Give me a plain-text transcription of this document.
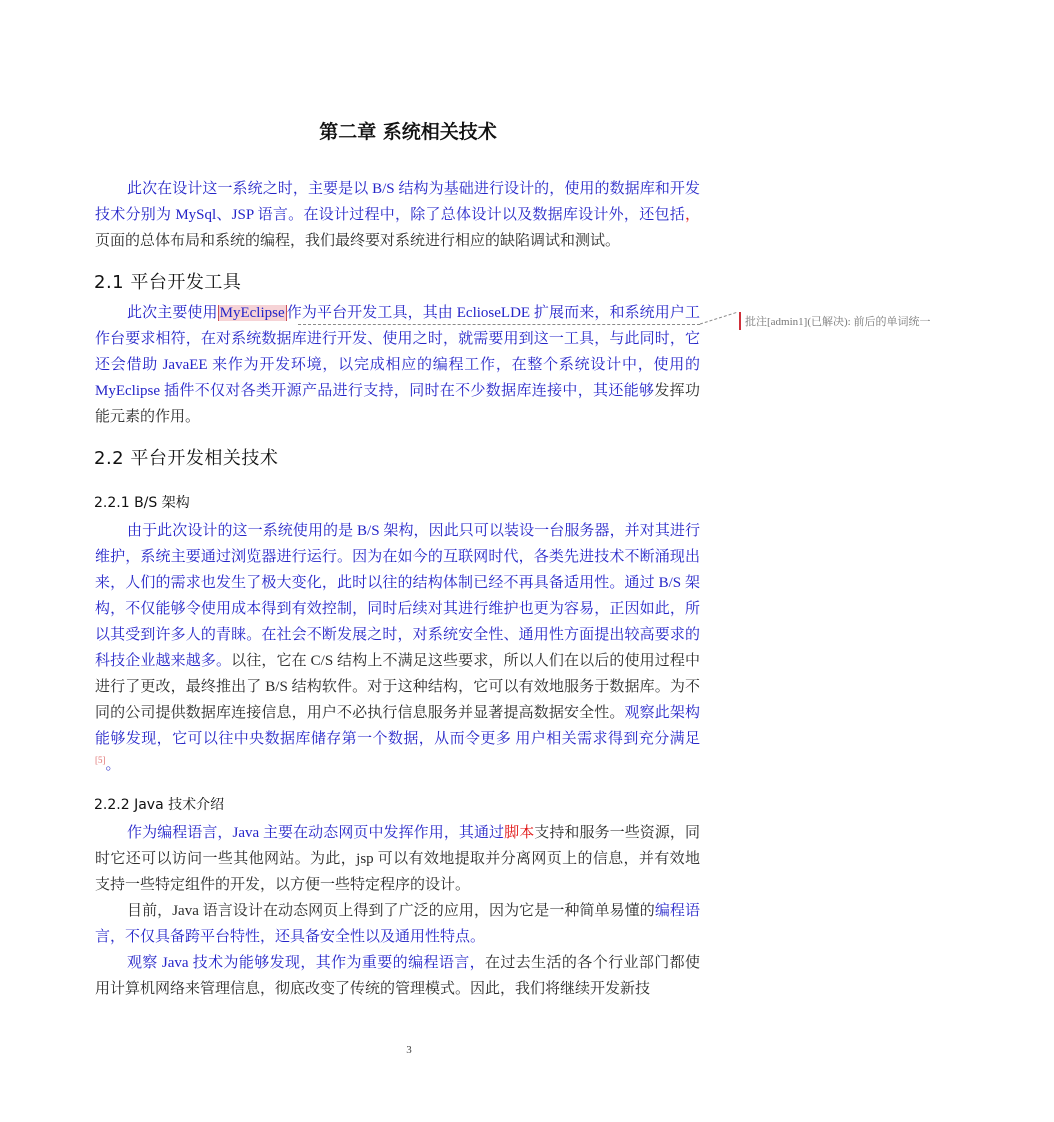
第二章 系统相关技术

此次在设计这一系统之时，主要是以 B/S 结构为基础进行设计的，使用的数据库和开发技术分别为 MySql、JSP 语言。在设计过程中，除了总体设计以及数据库设计外，还包括，页面的总体布局和系统的编程，我们最终要对系统进行相应的缺陷调试和测试。

2.1 平台开发工具

此次主要使用 MyEclipse 作为平台开发工具，其由 EclioseLDE 扩展而来，和系统用户工作台要求相符，在对系统数据库进行开发、使用之时，就需要用到这一工具，与此同时，它还会借助 JavaEE 来作为开发环境，以完成相应的编程工作，在整个系统设计中，使用的 MyEclipse 插件不仅对各类开源产品进行支持，同时在不少数据库连接中，其还能够发挥功能元素的作用。

批注[admin1](已解决): 前后的单词统一

2.2 平台开发相关技术
2.2.1 B/S 架构

由于此次设计的这一系统使用的是 B/S 架构，因此只可以装设一台服务器，并对其进行维护，系统主要通过浏览器进行运行。因为在如今的互联网时代，各类先进技术不断涌现出来，人们的需求也发生了极大变化，此时以往的结构体制已经不再具备适用性。通过 B/S 架构，不仅能够令使用成本得到有效控制，同时后续对其进行维护也更为容易，正因如此，所以其受到许多人的青睐。在社会不断发展之时，对系统安全性、通用性方面提出较高要求的科技企业越来越多。以往，它在 C/S 结构上不满足这些要求，所以人们在以后的使用过程中进行了更改，最终推出了 B/S 结构软件。对于这种结构，它可以有效地服务于数据库。为不同的公司提供数据库连接信息，用户不必执行信息服务并显著提高数据安全性。观察此架构能够发现，它可以往中央数据库储存第一个数据，从而令更多 用户相关需求得到充分满足[5]。

2.2.2 Java 技术介绍

作为编程语言，Java 主要在动态网页中发挥作用，其通过脚本支持和服务一些资源，同时它还可以访问一些其他网站。为此，jsp 可以有效地提取并分离网页上的信息，并有效地支持一些特定组件的开发，以方便一些特定程序的设计。

目前，Java 语言设计在动态网页上得到了广泛的应用，因为它是一种简单易懂的编程语言，不仅具备跨平台特性，还具备安全性以及通用性特点。

观察 Java 技术为能够发现，其作为重要的编程语言，在过去生活的各个行业部门都使用计算机网络来管理信息，彻底改变了传统的管理模式。因此，我们将继续开发新技

3
